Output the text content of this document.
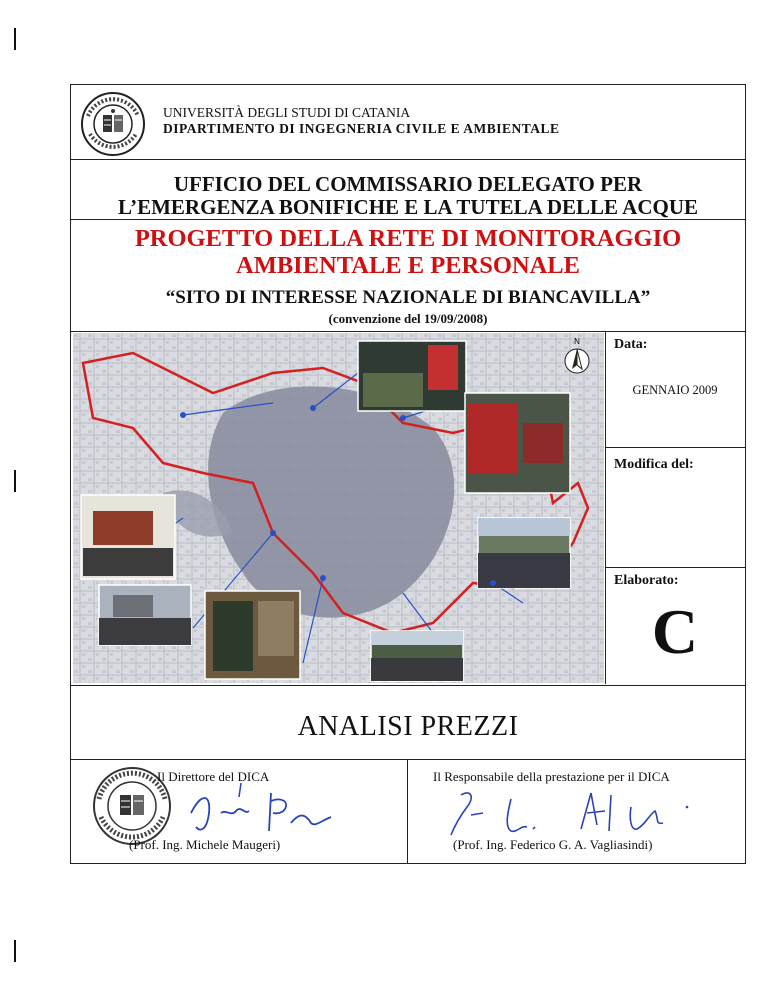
UNIVERSITÀ DEGLI STUDI DI CATANIA
DIPARTIMENTO DI INGEGNERIA CIVILE E AMBIENTALE
UFFICIO DEL COMMISSARIO DELEGATO PER
L’EMERGENZA BONIFICHE E LA TUTELA DELLE ACQUE
PROGETTO DELLA RETE DI MONITORAGGIO
AMBIENTALE E PERSONALE
“SITO DI INTERESSE NAZIONALE DI BIANCAVILLA”
(convenzione del 19/09/2008)
N	Data:
GENNAIO 2009
Modifica del:
Elaborato:
C
ANALISI PREZZI
Il Direttore del DICA
(Prof. Ing. Michele Maugeri)
Il Responsabile della prestazione per il DICA
(Prof. Ing. Federico G. A. Vagliasindi)
